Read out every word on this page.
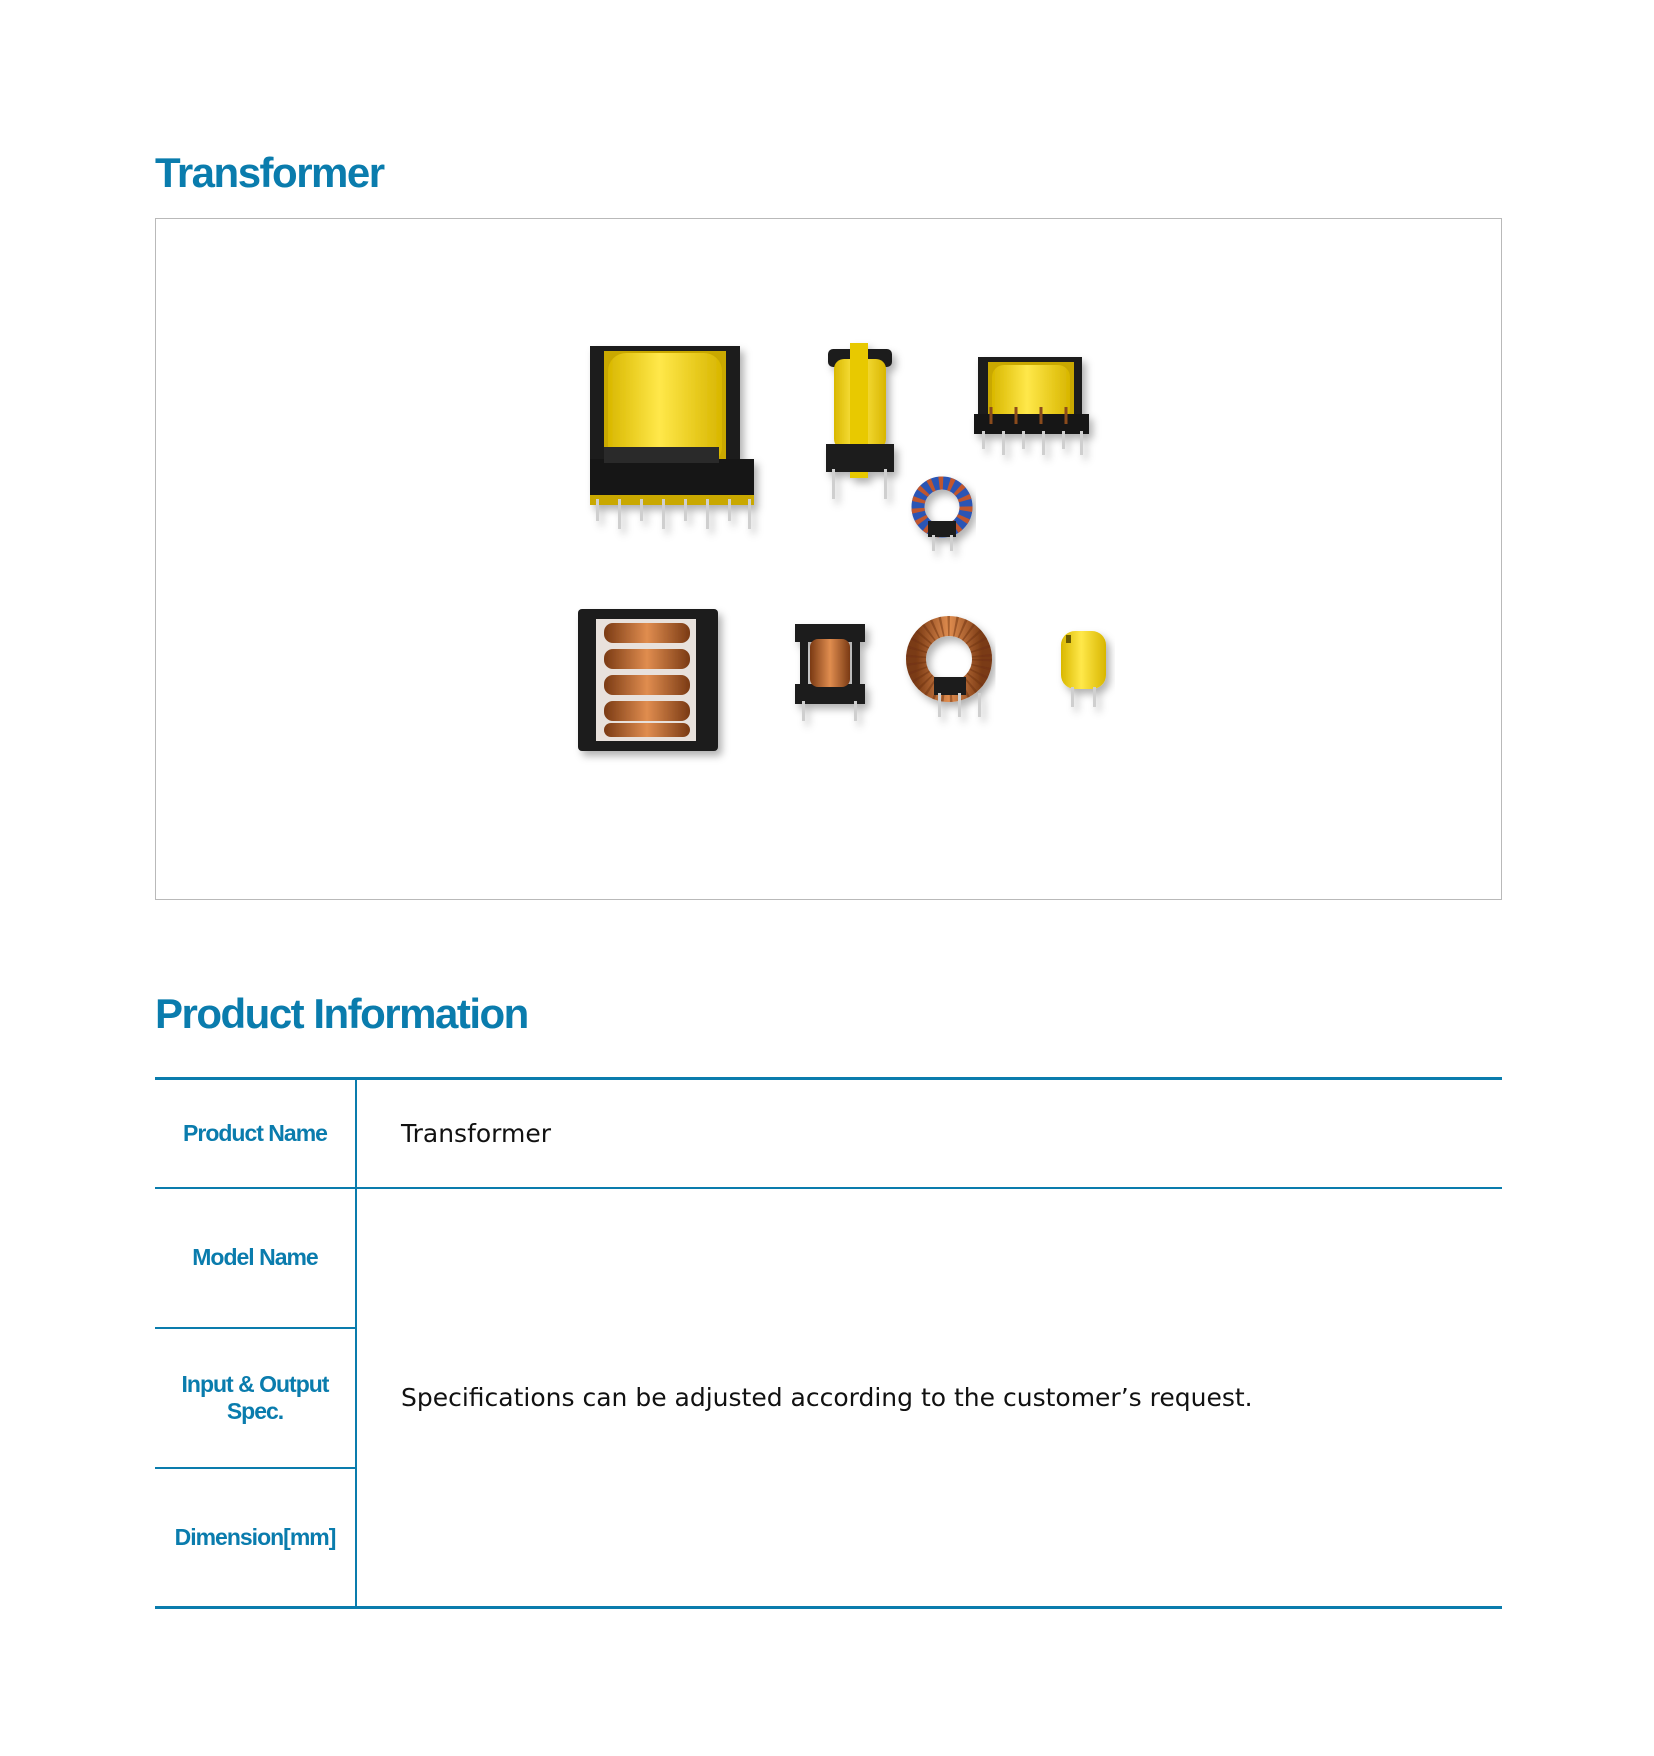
Transformer
Product Information
Product Name	Transformer
Model Name	Specifications can be adjusted according to the customer’s request.
Input & Output
Spec.	
Dimension[mm]	
